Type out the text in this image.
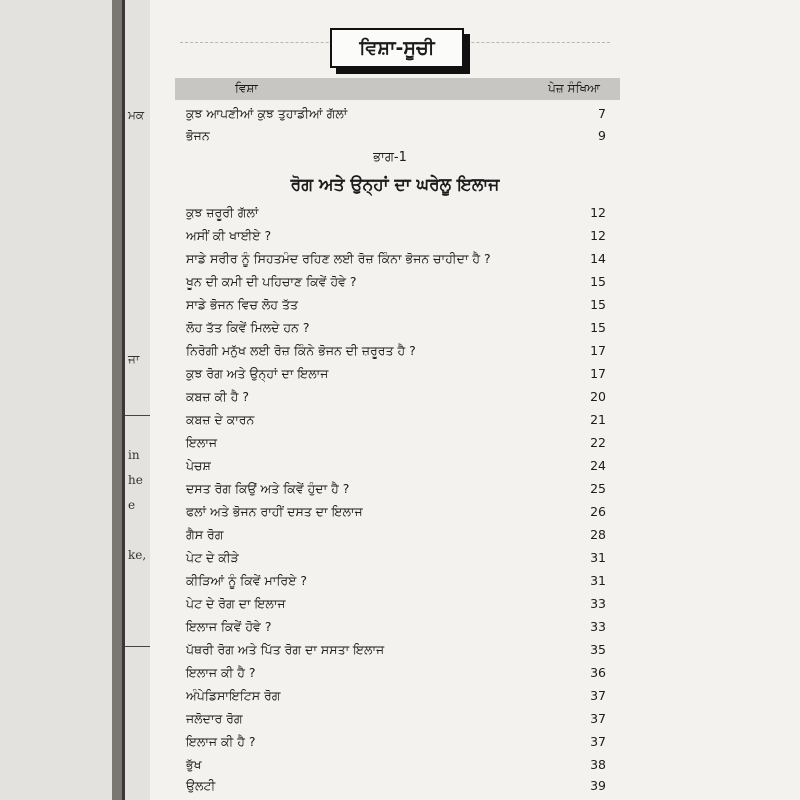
ਮਕ
ਜਾ
in
he
e
ke,
ਵਿਸ਼ਾ-ਸੂਚੀ
ਵਿਸ਼ਾ	ਪੇਜ਼ ਸੰਖਿਆ
ਕੁਝ ਆਪਣੀਆਂ ਕੁਝ ਤੁਹਾਡੀਆਂ ਗੱਲਾਂ	7
ਭੋਜਨ	9
ਭਾਗ-1
ਰੋਗ ਅਤੇ ਉਨ੍ਹਾਂ ਦਾ ਘਰੇਲੂ ਇਲਾਜ
ਕੁਝ ਜ਼ਰੂਰੀ ਗੱਲਾਂ	12
ਅਸੀਂ ਕੀ ਖਾਈਏ ?	12
ਸਾਡੇ ਸਰੀਰ ਨੂੰ ਸਿਹਤਮੰਦ ਰਹਿਣ ਲਈ ਰੋਜ਼ ਕਿੰਨਾ ਭੋਜਨ ਚਾਹੀਦਾ ਹੈ ?	14
ਖੂਨ ਦੀ ਕਮੀ ਦੀ ਪਹਿਚਾਣ ਕਿਵੇਂ ਹੋਵੇ ?	15
ਸਾਡੇ ਭੋਜਨ ਵਿਚ ਲੋਹ ਤੱਤ	15
ਲੋਹ ਤੱਤ ਕਿਵੇਂ ਮਿਲਦੇ ਹਨ ?	15
ਨਿਰੋਗੀ ਮਨੁੱਖ ਲਈ ਰੋਜ਼ ਕਿੰਨੇ ਭੋਜਨ ਦੀ ਜ਼ਰੂਰਤ ਹੈ ?	17
ਕੁਝ ਰੋਗ ਅਤੇ ਉਨ੍ਹਾਂ ਦਾ ਇਲਾਜ	17
ਕਬਜ਼ ਕੀ ਹੈ ?	20
ਕਬਜ਼ ਦੇ ਕਾਰਨ	21
ਇਲਾਜ	22
ਪੇਚਸ਼	24
ਦਸਤ ਰੋਗ ਕਿਉਂ ਅਤੇ ਕਿਵੇਂ ਹੁੰਦਾ ਹੈ ?	25
ਫਲਾਂ ਅਤੇ ਭੋਜਨ ਰਾਹੀਂ ਦਸਤ ਦਾ ਇਲਾਜ	26
ਗੈਸ ਰੋਗ	28
ਪੇਟ ਦੇ ਕੀੜੇ	31
ਕੀੜਿਆਂ ਨੂੰ ਕਿਵੇਂ ਮਾਰਿਏ ?	31
ਪੇਟ ਦੇ ਰੋਗ ਦਾ ਇਲਾਜ	33
ਇਲਾਜ ਕਿਵੇਂ ਹੋਵੇ ?	33
ਪੱਥਰੀ ਰੋਗ ਅਤੇ ਪਿੱਤ ਰੋਗ ਦਾ ਸਸਤਾ ਇਲਾਜ	35
ਇਲਾਜ ਕੀ ਹੈ ?	36
ਅੰਪੇਡਿਸਾਇਟਿਸ ਰੋਗ	37
ਜਲੋਦਾਰ ਰੋਗ	37
ਇਲਾਜ ਕੀ ਹੈ ?	37
ਭੁੱਖ	38
ਉਲਟੀ	39
